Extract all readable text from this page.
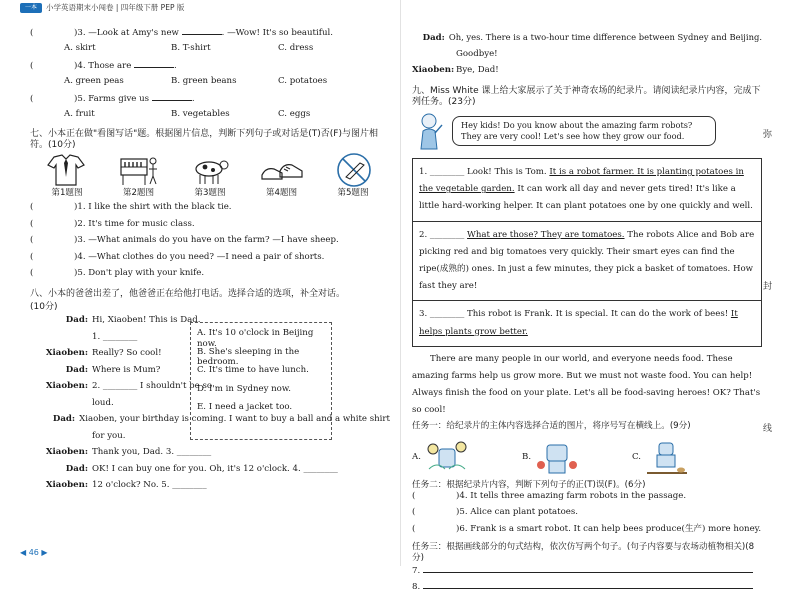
一本	小学英语期末小闯卷 | 四年级下册 PEP 版
(	)3.
—Look at Amy's new
	. —Wow! It's so beautiful.
A. skirt	B. T-shirt	C. dress
(	)4.
Those are
	.
A. green peas	B. green beans	C. potatoes
(	)5.
Farms give us
	.
A. fruit	B. vegetables	C. eggs
七、小本正在做"看图写话"题。根据图片信息，判断下列句子或对话是(T)否(F)与图片相符。(10分)
第1题图	第2题图	第3题图	第4题图	第5题图
(	)1.
I like the shirt with the black tie.
(	)2.
It's time for music class.
(	)3.
—What animals do you have on the farm? —I have sheep.
(	)4.
—What clothes do you need? —I need a pair of shorts.
(	)5.
Don't play with your knife.
八、小本的爸爸出差了，他爸爸正在给他打电话。选择合适的选项，补全对话。
(10分)
Dad: Hi, Xiaoben! This is Dad.
1. ________
Xiaoben: Really? So cool!
Dad: Where is Mum?
Xiaoben: 2. ________ I shouldn't be so
loud.
Dad: Xiaoben, your birthday is coming. I want to buy a ball and a white shirt
for you.
Xiaoben: Thank you, Dad. 3. ________
Dad: OK! I can buy one for you. Oh, it's 12 o'clock. 4. ________
Xiaoben: 12 o'clock? No. 5. ________
A. It's 10 o'clock in Beijing now.
B. She's sleeping in the bedroom.
C. It's time to have lunch.
D. I'm in Sydney now.
E. I need a jacket too.
Dad: Oh, yes. There is a two-hour time difference between Sydney and Beijing.
Goodbye!
Xiaoben: Bye, Dad!
九、Miss White 课上给大家展示了关于神奇农场的纪录片。请阅读纪录片内容，完成下列任务。(23分)
Hey kids! Do you know about the amazing farm robots? They are very cool! Let's see how they grow our food.
1. ________ Look! This is Tom. It is a robot farmer. It is planting potatoes in the vegetable garden. It can work all day and never gets tired! It's like a little hard-working helper. It can plant potatoes one by one quickly and well.
2. ________ What are those? They are tomatoes. The robots Alice and Bob are picking red and big tomatoes very quickly. Their smart eyes can find the ripe(成熟的) ones. In just a few minutes, they pick a basket of tomatoes. How fast they are!
3. ________ This robot is Frank. It is special. It can do the work of bees! It helps plants grow better.
There are many people in our world, and everyone needs food. These amazing farms help us grow more. But we must not waste food. You can help! Always finish the food on your plate. Let's all be food-saving heroes! OK? That's so cool!
任务一：给纪录片的主体内容选择合适的图片，将序号写在横线上。(9分)
A.	B.	C.
任务二：根据纪录片内容，判断下列句子的正(T)误(F)。(6分)
(	)4.
It tells three amazing farm robots in the passage.
(	)5.
Alice can plant potatoes.
(	)6.
Frank is a smart robot. It can help bees produce(生产) more honey.
任务三：根据画线部分的句式结构，依次仿写两个句子。(句子内容要与农场动植物相关)(8分)
7.

8.

弥
封
线
◀ 46 ▶
